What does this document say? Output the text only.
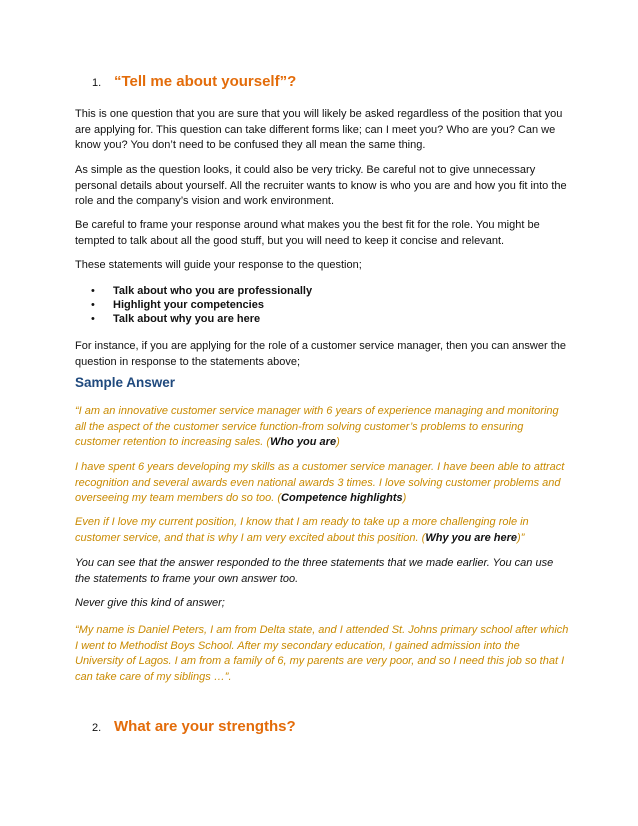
1. “Tell me about yourself”?

This is one question that you are sure that you will likely be asked regardless of the position that you are applying for. This question can take different forms like; can I meet you? Who are you? Can we know you? You don’t need to be confused they all mean the same thing.

As simple as the question looks, it could also be very tricky. Be careful not to give unnecessary personal details about yourself. All the recruiter wants to know is who you are and how you fit into the role and the company’s vision and work environment.

Be careful to frame your response around what makes you the best fit for the role. You might be tempted to talk about all the good stuff, but you will need to keep it concise and relevant.

These statements will guide your response to the question;

• Talk about who you are professionally
• Highlight your competencies
• Talk about why you are here

For instance, if you are applying for the role of a customer service manager, then you can answer the question in response to the statements above;

Sample Answer

“I am an innovative customer service manager with 6 years of experience managing and monitoring all the aspect of the customer service function-from solving customer’s problems to ensuring customer retention to increasing sales. (Who you are)

I have spent 6 years developing my skills as a customer service manager. I have been able to attract recognition and several awards even national awards 3 times. I love solving customer problems and overseeing my team members do so too. (Competence highlights)

Even if I love my current position, I know that I am ready to take up a more challenging role in customer service, and that is why I am very excited about this position. (Why you are here)”

You can see that the answer responded to the three statements that we made earlier. You can use the statements to frame your own answer too.

Never give this kind of answer;

“My name is Daniel Peters, I am from Delta state, and I attended St. Johns primary school after which I went to Methodist Boys School. After my secondary education, I gained admission into the University of Lagos. I am from a family of 6, my parents are very poor, and so I need this job so that I can take care of my siblings …”.

2. What are your strengths?
